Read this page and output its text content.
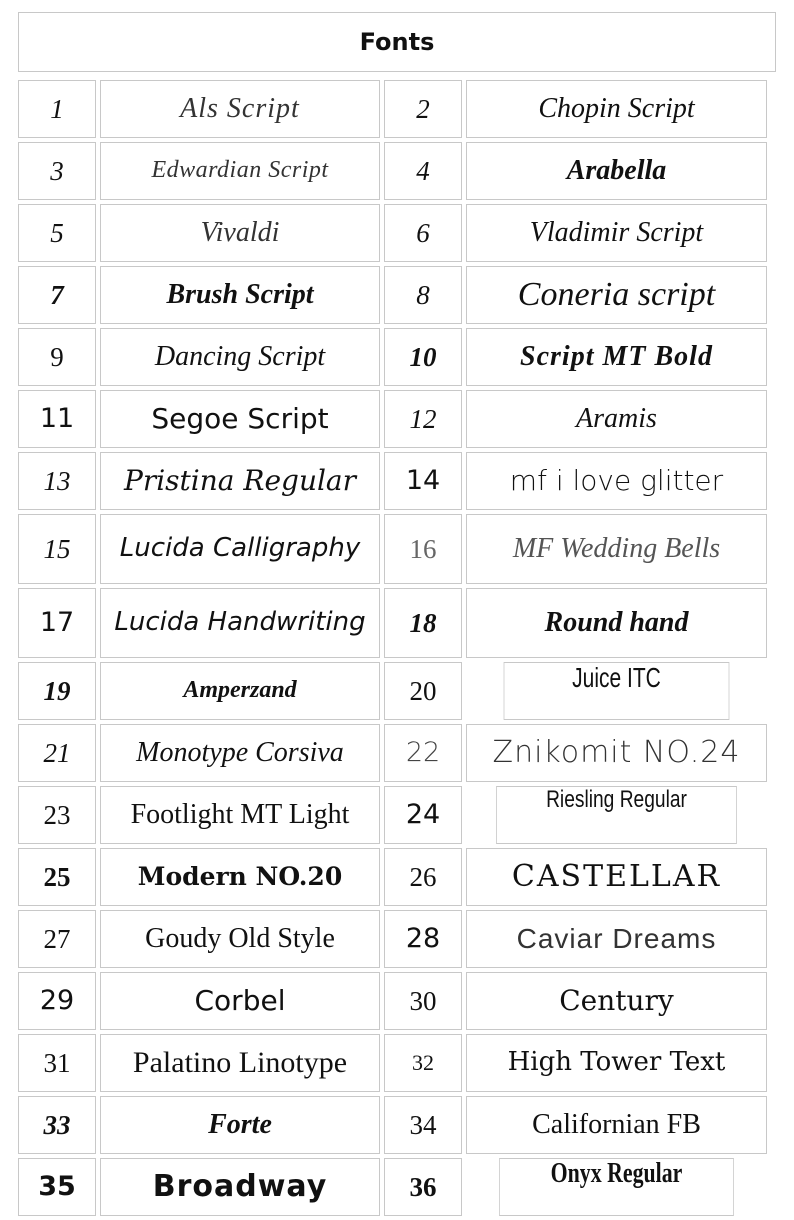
Fonts
1	Als Script	2	Chopin Script
3	Edwardian Script	4	Arabella
5	Vivaldi	6	Vladimir Script
7	Brush Script	8	Coneria script
9	Dancing Script	10	Script MT Bold
11	Segoe Script	12	Aramis
13	Pristina Regular	14	mf i love glitter
15	Lucida Calligraphy	16	MF Wedding Bells
17	Lucida Handwriting	18	Round hand
19	Amperzand	20		Juice ITC
21	Monotype Corsiva	22	Znikomit NO.24
23	Footlight MT Light	24		Riesling Regular
25	Modern NO.20	26	CASTELLAR
27	Goudy Old Style	28	Caviar Dreams
29	Corbel	30	Century
31	Palatino Linotype	32	High Tower Text
33	Forte	34	Californian FB
35	Broadway	36		Onyx Regular
